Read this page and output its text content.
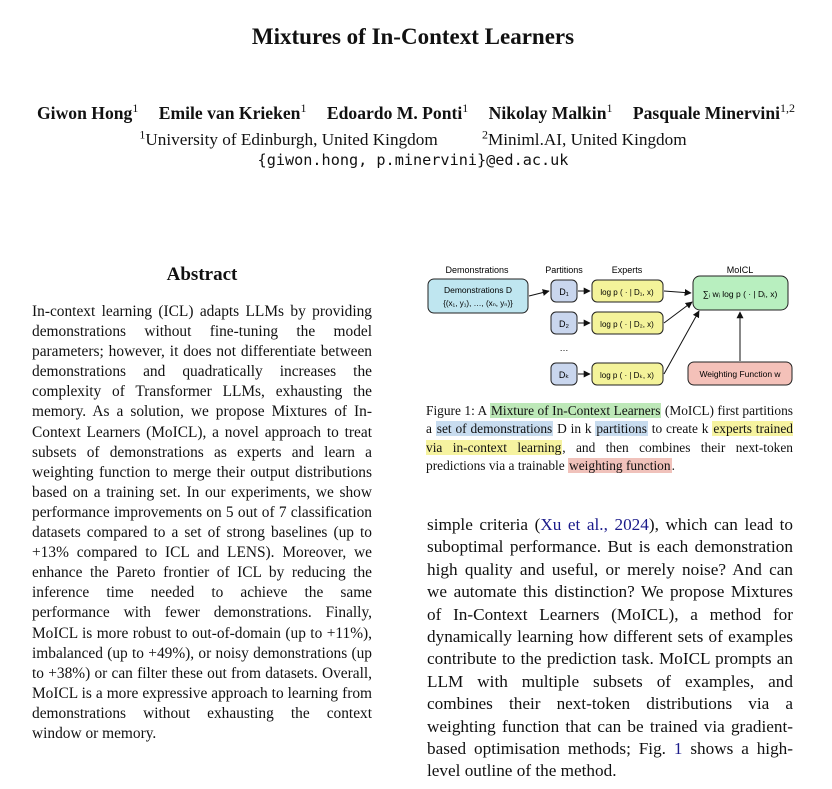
Mixtures of In-Context Learners
Giwon Hong$^1$ Emile van Krieken$^1$ Edoardo M. Ponti$^1$ Nikolay Malkin$^1$ Pasquale Minervini$^{1,2}$
$^1$University of Edinburgh, United Kingdom	$^2$Miniml.AI, United Kingdom
{giwon.hong, p.minervini}@ed.ac.uk
Abstract

In-context learning (ICL) adapts LLMs by providing demonstrations without fine-tuning the model parameters; however, it does not differentiate between demonstrations and quadratically increases the complexity of Transformer LLMs, exhausting the memory. As a solution, we propose Mixtures of In-Context Learners (MoICL), a novel approach to treat subsets of demonstrations as experts and learn a weighting function to merge their output distributions based on a training set. In our experiments, we show performance improvements on 5 out of 7 classification datasets compared to a set of strong baselines (up to +13% compared to ICL and LENS). Moreover, we enhance the Pareto frontier of ICL by reducing the inference time needed to achieve the same performance with fewer demonstrations. Finally, MoICL is more robust to out-of-domain (up to +11%), imbalanced (up to +49%), or noisy demonstrations (up to +38%) or can filter these out from datasets. Overall, MoICL is a more expressive approach to learning from demonstrations without exhausting the context window or memory.

Demonstrations	Partitions	Experts	MoICL
Demonstrations D
{(x₁, y₁), …, (xₙ, yₙ)}
D₁
D₂
…
Dₖ
log p ( · | D₁, x)
log p ( · | D₂, x)
log p ( · | Dₖ, x)
∑ᵢ wᵢ log p ( · | Dᵢ, x)
Weighting Function w

Figure 1: A Mixture of In-Context Learners (MoICL) first partitions a set of demonstrations D in k partitions to create k experts trained via in-context learning, and then combines their next-token predictions via a trainable weighting function.

simple criteria (Xu et al., 2024), which can lead to suboptimal performance. But is each demonstration high quality and useful, or merely noise? And can we automate this distinction? We propose Mixtures of In-Context Learners (MoICL), a method for dynamically learning how different sets of examples contribute to the prediction task. MoICL prompts an LLM with multiple subsets of examples, and combines their next-token distributions via a weighting function that can be trained via gradient-based optimisation methods; Fig. 1 shows a high-level outline of the method.
